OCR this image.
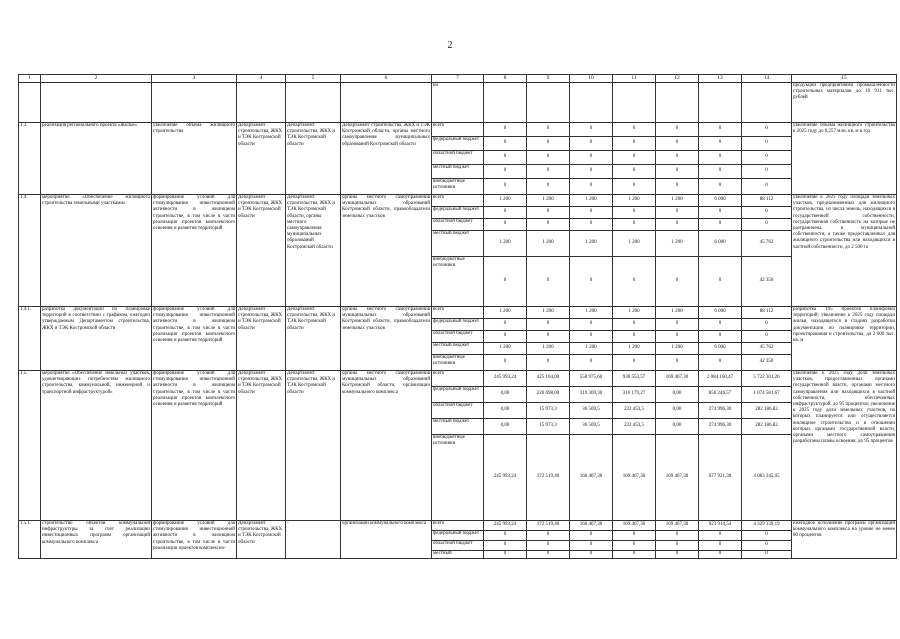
2
1	2	3	4	5	6	7	8	9	10	11	12	13	14	15
						ки								продукции предприятиями промышленности строительных материалов до 10 911 тыс. рублей
1.3.	реализация регионального проекта «Жилье»	увеличение объема жилищного строительства	Департамент строительства, ЖКХ и ТЭК Костромской области	Департамент строительства, ЖКХ и ТЭК Костромской области	Департамент строительства, ЖКХ и ТЭК Костромской области, органы местного самоуправления муниципальных образований Костромской области	всего	0	0	0	0	0	0	0	увеличение объема жилищного строительства к 2025 году до 0,257 млн. кв. м в год
						федеральный бюджет	0	0	0	0	0	0	0	
						областной бюджет	0	0	0	0	0	0	0	
						местный бюджет	0	0	0	0	0	0	0	
						внебюджетные источники	0	0	0	0	0	0	0	
1.4.	мероприятие «Обеспечение жилищного строительства земельными участками»	формирование условий для стимулирования инвестиционной активности в жилищном строительстве, в том числе в части реализации проектов комплексного освоения и развития территорий	Департамент строительства, ЖКХ и ТЭК Костромской области	Департамент строительства, ЖКХ и ТЭК Костромской области, органы местного самоуправления муниципальных образований Костромской области	органы местного самоуправления муниципальных образований Костромской области, правообладатели земельных участков	всего	1 200	1 200	1 200	1 200	1 200	6 000	88 112	увеличение к 2025 году площади земельных участков, предназначенных для жилищного строительства, из числа земель, находящихся в государственной собственности, государственная собственность на которые не разграничена, в муниципальной собственности, а также предоставленных для жилищного строительства или находящихся в частной собственности, до 2 500 га
						федеральный бюджет	0	0	0	0	0	0	0	
						областной бюджет	0	0	0	0	0	0	0	
						местный бюджет	1 200	1 200	1 200	1 200	1 200	6 000	45 762	
						внебюджетные источники	0	0	0	0	0	0	42 350	
1.4.1.	разработка документации по планировке территорий в соответствии с графиком, ежегодно утверждаемым Департаментом строительства, ЖКХ и ТЭК Костромской области	формирование условий для стимулирования инвестиционной активности в жилищном строительстве, в том числе в части реализации проектов комплексного освоения и развития территорий	Департамент строительства, ЖКХ и ТЭК Костромской области	Департамент строительства, ЖКХ и ТЭК Костромской области	органы местного самоуправления муниципальных образований Костромской области, правообладатели земельных участков	всего	1 200	1 200	1 200	1 200	1 200	6 000	88 112	разработка 195 проектов планировки территорий; увеличение к 2025 году площади жилья, находящегося в стадиях разработки документации по планировке территории, проектирования и строительства, до 2 000 тыс. кв. м
						федеральный бюджет	0	0	0	0	0	0	0	
						областной бюджет	0	0	0	0	0	0	0	
						местный бюджет	1 200	1 200	1 200	1 200	1 200	6 000	45 762	
						внебюджетные источники	0	0	0	0	0	0	42 350	
1.5.	мероприятие «Обеспечение земельных участков, удовлетворяющих потребностям жилищного строительства, коммунальной, инженерной и транспортной инфраструктурой»	формирование условий для стимулирования инвестиционной активности в жилищном строительстве, в том числе в части реализации проектов комплексного освоения и развития территорий	Департамент строительства, ЖКХ и ТЭК Костромской области	Департамент строительства, ЖКХ и ТЭК Костромской области	органы местного самоуправления муниципальных образований Костромской области, организации коммунального комплекса	всего	245 993,24	425 164,00	558 975,60	930 553,57	169 467,30	2 084 160,47	5 722 301,26	увеличение к 2025 году доли земельных участков, предоставленных органами государственной власти, органами местного самоуправления или находящихся в частной собственности, обеспеченных инфраструктурой, до 95 процентов; увеличение к 2025 году доли земельных участков, на которых планируется или осуществляется жилищное строительство и в отношении которых органами государственной власти, органами местного самоуправления разработаны планы освоения, до 95 процентов
						федеральный бюджет	0,00	220 698,00	319 369,30	316 179,27	0,00	856 246,57	1 074 581,67	
						областной бюджет	0,00	15 973,3	36 569,5	222 453,5	0,00	274 996,30	282 186,82	
						местный бюджет	0,00	15 973,3	36 569,5	222 453,5	0,00	274 996,30	282 186,82	
						внебюджетные источники	245 993,24	172 519,40	166 467,30	169 467,30	169 467,30	677 921,30	4 083 345,95	
1.5.1.	строительство объектов коммунальной инфраструктуры за счет реализации инвестиционных программ организаций коммунального комплекса	формирование условий для стимулирования инвестиционной активности в жилищном строительстве, в том числе в части реализации проектов комплексно-	Департамент строительства, ЖКХ и ТЭК Костромской области	-	организации коммунального комплекса	всего	245 993,24	172 519,40	166 467,30	169 467,30	169 467,30	923 914,54	4 329 339,19	ежегодное исполнение программ организаций коммунального комплекса на уровне не менее 80 процентов
						федеральный бюджет	0	0	0	0	0	0	0	
						областной бюджет	0	0	0	0	0	0	0	
						местный	0	0	0	0	0	0	0	
